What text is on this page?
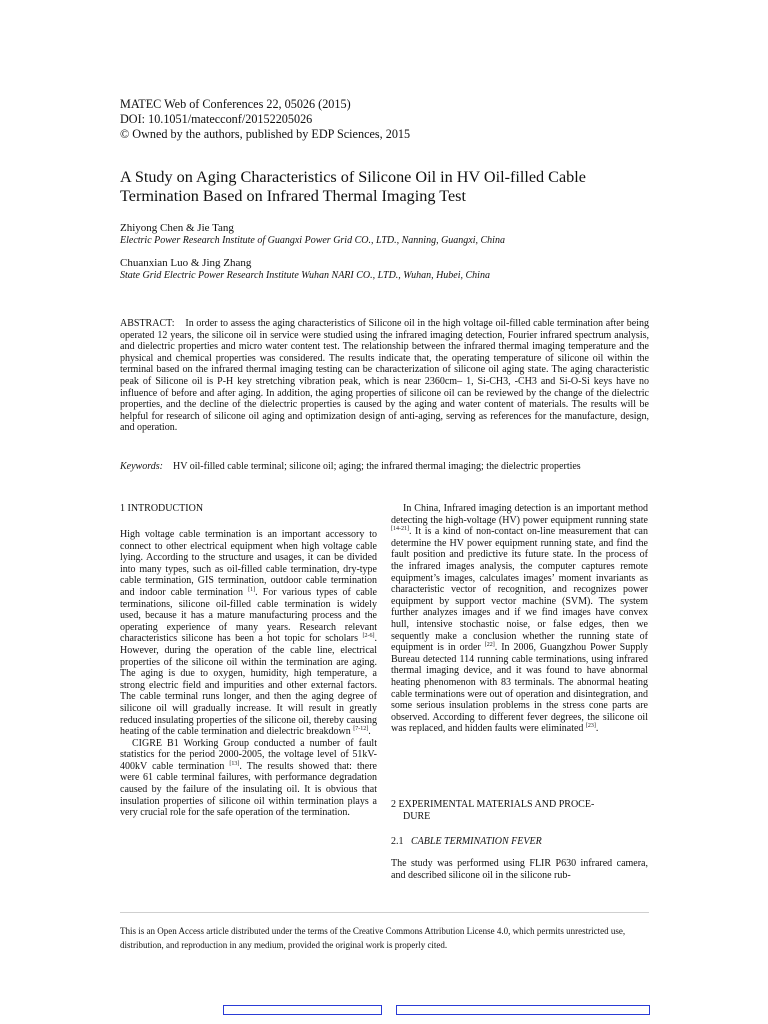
MATEC Web of Conferences 22, 05026 (2015)
DOI: 10.1051/matecconf/20152205026
© Owned by the authors, published by EDP Sciences, 2015
A Study on Aging Characteristics of Silicone Oil in HV Oil-filled Cable Termination Based on Infrared Thermal Imaging Test
Zhiyong Chen & Jie Tang
Electric Power Research Institute of Guangxi Power Grid CO., LTD., Nanning, Guangxi, China
Chuanxian Luo & Jing Zhang
State Grid Electric Power Research Institute Wuhan NARI CO., LTD., Wuhan, Hubei, China
ABSTRACT: In order to assess the aging characteristics of Silicone oil in the high voltage oil-filled cable termination after being operated 12 years, the silicone oil in service were studied using the infrared imaging detection, Fourier infrared spectrum analysis, and dielectric properties and micro water content test. The relationship between the infrared thermal imaging temperature and the physical and chemical properties was considered. The results indicate that, the operating temperature of silicone oil within the terminal based on the infrared thermal imaging testing can be characterization of silicone oil aging state. The aging characteristic peak of Silicone oil is P-H key stretching vibration peak, which is near 2360cm– 1, Si-CH3, -CH3 and Si-O-Si keys have no influence of before and after aging. In addition, the aging properties of silicone oil can be reviewed by the change of the dielectric properties, and the decline of the dielectric properties is caused by the aging and water content of materials. The results will be helpful for research of silicone oil aging and optimization design of anti-aging, serving as references for the manufacture, design, and operation.
Keywords: HV oil-filled cable terminal; silicone oil; aging; the infrared thermal imaging; the dielectric properties
1 INTRODUCTION

High voltage cable termination is an important accessory to connect to other electrical equipment when high voltage cable lying. According to the structure and usages, it can be divided into many types, such as oil-filled cable termination, dry-type cable termination, GIS termination, outdoor cable termination and indoor cable termination [1]. For various types of cable terminations, silicone oil-filled cable termination is widely used, because it has a mature manufacturing process and the operating experience of many years. Research relevant characteristics silicone has been a hot topic for scholars [2-6]. However, during the operation of the cable line, electrical properties of the silicone oil within the termination are aging. The aging is due to oxygen, humidity, high temperature, a strong electric field and impurities and other external factors. The cable terminal runs longer, and then the aging degree of silicone oil will gradually increase. It will result in greatly reduced insulating properties of the silicone oil, thereby causing heating of the cable termination and dielectric breakdown [7-12].

CIGRE B1 Working Group conducted a number of fault statistics for the period 2000-2005, the voltage level of 51kV-400kV cable termination [13]. The results showed that: there were 61 cable terminal failures, with performance degradation caused by the failure of the insulating oil. It is obvious that insulation properties of silicone oil within termination plays a very crucial role for the safe operation of the termination.

In China, Infrared imaging detection is an important method detecting the high-voltage (HV) power equipment running state [14-21]. It is a kind of non-contact on-line measurement that can determine the HV power equipment running state, and find the fault position and predictive its future state. In the process of the infrared images analysis, the computer captures remote equipment’s images, calculates images’ moment invariants as characteristic vector of recognition, and recognizes power equipment by support vector machine (SVM). The system further analyzes images and if we find images have convex hull, intensive stochastic noise, or false edges, then we sequently make a conclusion whether the running state of equipment is in order [22]. In 2006, Guangzhou Power Supply Bureau detected 114 running cable terminations, using infrared thermal imaging device, and it was found to have abnormal heating phenomenon with 83 terminals. The abnormal heating cable terminations were out of operation and disintegration, and some serious insulation problems in the stress cone parts are observed. According to different fever degrees, the silicone oil was replaced, and hidden faults were eliminated [23].

2 EXPERIMENTAL MATERIALS AND PROCE-
DURE
2.1 CABLE TERMINATION FEVER
The study was performed using FLIR P630 infrared camera, and described silicone oil in the silicone rub-
This is an Open Access article distributed under the terms of the Creative Commons Attribution License 4.0, which permits unrestricted use, distribution, and reproduction in any medium, provided the original work is properly cited.
